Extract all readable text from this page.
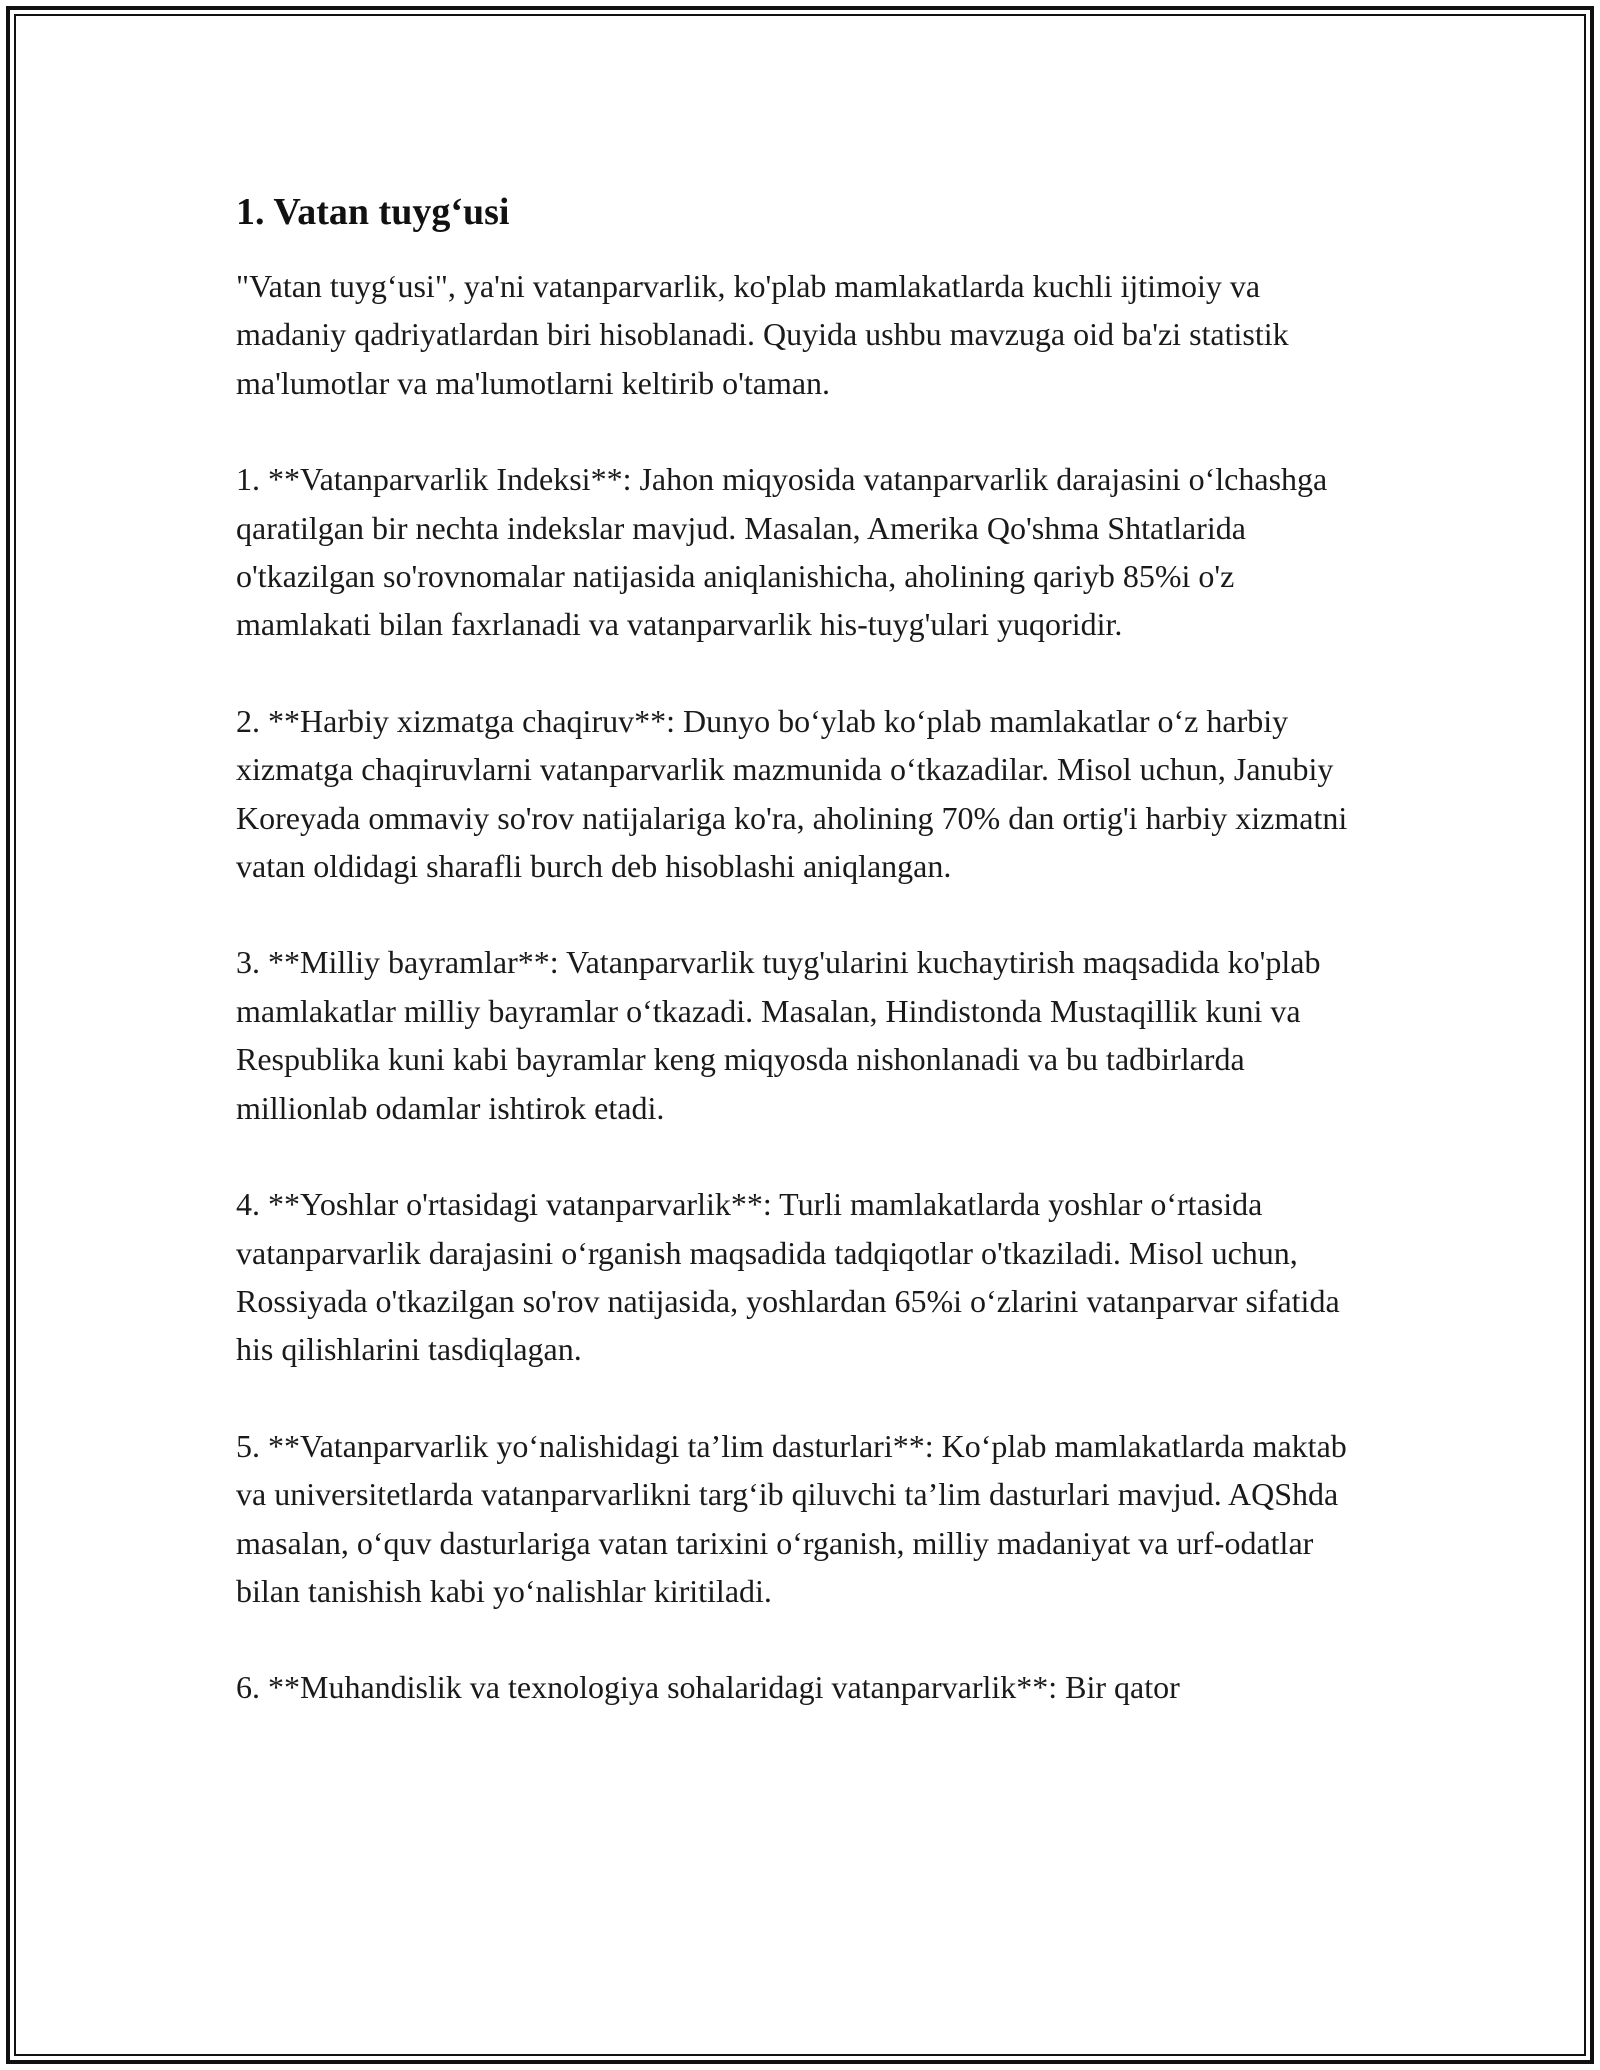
1. Vatan tuyg‘usi

"Vatan tuyg‘usi", ya'ni vatanparvarlik, ko'plab mamlakatlarda kuchli ijtimoiy va madaniy qadriyatlardan biri hisoblanadi. Quyida ushbu mavzuga oid ba'zi statistik ma'lumotlar va ma'lumotlarni keltirib o'taman.

1. **Vatanparvarlik Indeksi**: Jahon miqyosida vatanparvarlik darajasini o‘lchashga qaratilgan bir nechta indekslar mavjud. Masalan, Amerika Qo'shma Shtatlarida o'tkazilgan so'rovnomalar natijasida aniqlanishicha, aholining qariyb 85%i o'z mamlakati bilan faxrlanadi va vatanparvarlik his-tuyg'ulari yuqoridir.

2. **Harbiy xizmatga chaqiruv**: Dunyo bo‘ylab ko‘plab mamlakatlar o‘z harbiy xizmatga chaqiruvlarni vatanparvarlik mazmunida o‘tkazadilar. Misol uchun, Janubiy Koreyada ommaviy so'rov natijalariga ko'ra, aholining 70% dan ortig'i harbiy xizmatni vatan oldidagi sharafli burch deb hisoblashi aniqlangan.

3. **Milliy bayramlar**: Vatanparvarlik tuyg'ularini kuchaytirish maqsadida ko'plab mamlakatlar milliy bayramlar o‘tkazadi. Masalan, Hindistonda Mustaqillik kuni va Respublika kuni kabi bayramlar keng miqyosda nishonlanadi va bu tadbirlarda millionlab odamlar ishtirok etadi.

4. **Yoshlar o'rtasidagi vatanparvarlik**: Turli mamlakatlarda yoshlar o‘rtasida vatanparvarlik darajasini o‘rganish maqsadida tadqiqotlar o'tkaziladi. Misol uchun, Rossiyada o'tkazilgan so'rov natijasida, yoshlardan 65%i o‘zlarini vatanparvar sifatida his qilishlarini tasdiqlagan.

5. **Vatanparvarlik yo‘nalishidagi ta’lim dasturlari**: Ko‘plab mamlakatlarda maktab va universitetlarda vatanparvarlikni targ‘ib qiluvchi ta’lim dasturlari mavjud. AQShda masalan, o‘quv dasturlariga vatan tarixini o‘rganish, milliy madaniyat va urf-odatlar bilan tanishish kabi yo‘nalishlar kiritiladi.

6. **Muhandislik va texnologiya sohalaridagi vatanparvarlik**: Bir qator
